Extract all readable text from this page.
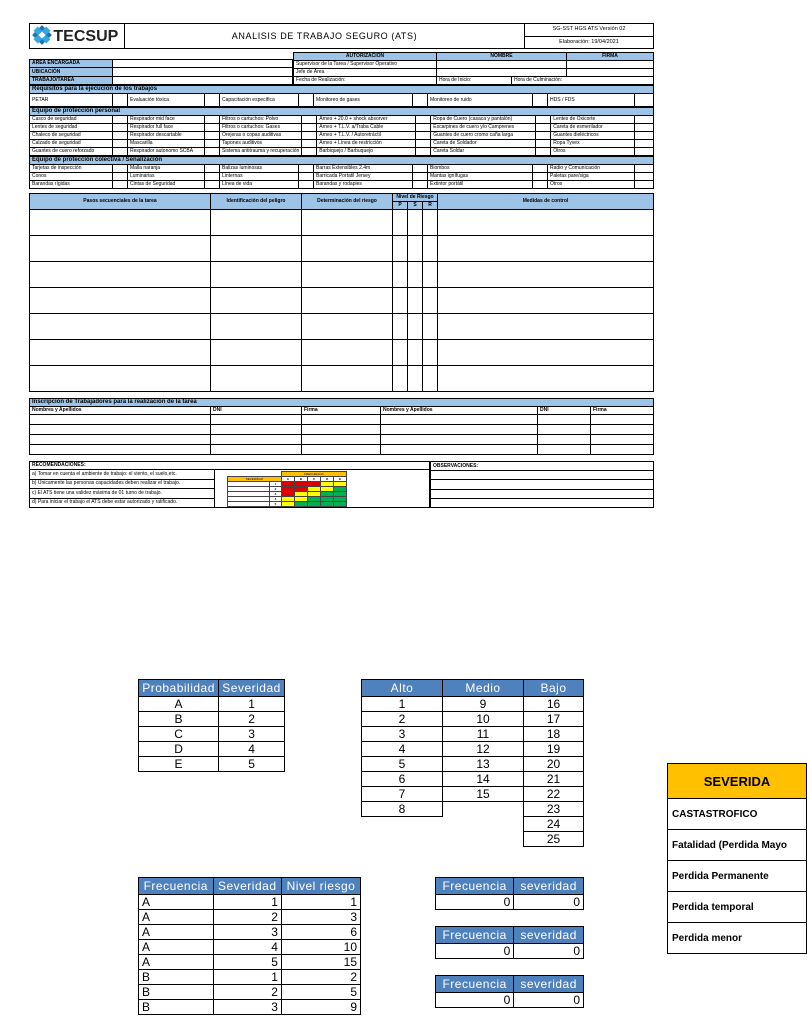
TECSUP	ANALISIS DE TRABAJO SEGURO (ATS)	SG-SST HGS ATS Versión 02
Elaboración: 19/04/2021

AREA ENCARGADA	
UBICACIÓN	
TRABAJO/TAREA	
AUTORIZACION	NOMBRE		FIRMA
Supervisor de la Tarea / Supervisor Operativo			
Jefe de Área			
Fecha de Realización:	Hora de Inicio:	Hora de Culminación:	
Requisitos para la ejecución de los trabajos
PETAR		Evaluación tóxica		Capacitación específica		Monitoreo de gases		Monitoreo de ruido		HDS / FDS	
Equipo de protección personal											
Casco de seguridad		Respirador mid face		Filtros o cartuchos: Polvo		Arnes + 20.0 + shock absorver		Ropa de Cuero (casaca y pantalón)		Lentes de Oxicorte	
Lentes de seguridad		Respirador full face		Filtros o cartuchos: Gases		Arnes + T.L.V. a/Traba Cable		Escarpines de cuero y/o Camprenes		Careta de esmerilador	
Chaleco de seguridad		Respirador descartable		Orejeras o copas auditivas		Arnes + T.L.V. / Autoretráctil		Guantes de cuero cromo caña larga		Guantes dieléctricos	
Calzado de seguridad		Mascarilla		Tapones auditivos		Arnes + Línea de restricción		Careta de Soldador		Ropa Tyvex	
Guantes de cuero reforzado		Respirador autonomo SCBA		Sistema antitrauma y recuperación		Barbiquejo / Barbuquejo		Careta Soldar		Otros	
Equipo de protección colectiva / Señalización											
Tarjetas de inspección		Malla naranja		Balizas luminosas		Barras Extensibles 2.4m		Biombos		Radio y Comunicación	
Conos		Luminarias		Linternas		Barricada Portatil Jersey		Mantas ignífugas		Paletas pare/siga	
Barandas rígidas		Cintas de Seguridad		Línea de vida		Barandas y rodapies		Extintor portátil		Otros	
Pasos secuenciales de la tarea	Identificación del peligro	Determinación del riesgo	Nivel de Riesgo			Medidas de control
			P	S	R	

Inscripción de Trabajadores para la realización de la tarea					
Nombres y Apellidos	DNI	Firma	Nombres y Apellidos	DNI	Firma

RECOMENDACIONES:
a) Tomar en cuenta el ambiente de trabajo: el viento, el suelo,etc.	
			FRECUENCIA
SEVERIDAD	A	B	C	D	E
	1					
	2					
	3					
	4					
	5					

b) Unicamente las personas capacidades deben realizar el trabajo.
c) El ATS tiene una validez máxima de 01 turno de trabajo.
d) Para iniciar el trabajo el ATS debe estar autorizado y ratificado.
OBSERVACIONES:

Probabilidad	Severidad
A	1
B	2
C	3
D	4
E	5
Alto	Medio	Bajo
1	9	16
2	10	17
3	11	18
4	12	19
5	13	20
6	14	21
7	15	22
8		23
		24
		25
Frecuencia	Severidad	Nivel riesgo
A	1	1
A	2	3
A	3	6
A	4	10
A	5	15
B	1	2
B	2	5
B	3	9
Frecuencia	severidad
0	0
Frecuencia	severidad
0	0
Frecuencia	severidad
0	0
SEVERIDA
CASTASTROFICO
Fatalidad (Perdida Mayo
Perdida Permanente
Perdida temporal
Perdida menor
